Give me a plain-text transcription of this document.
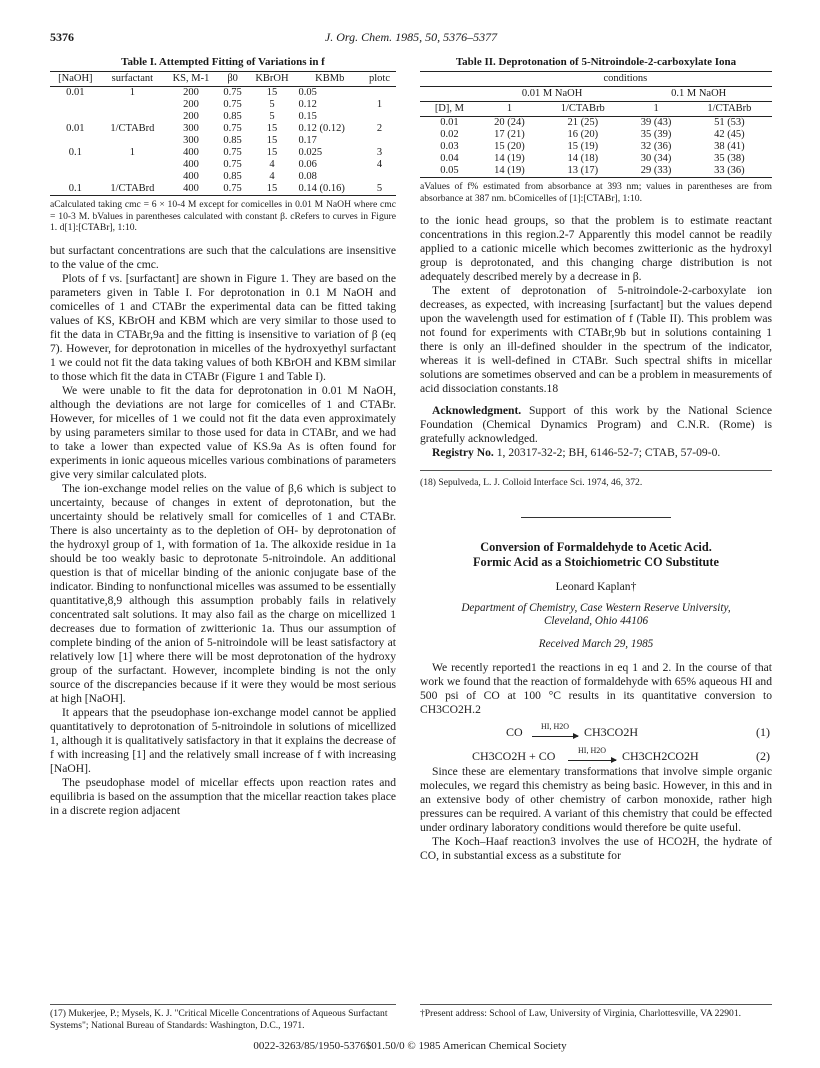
5376	J. Org. Chem. 1985, 50, 5376–5377
Table I. Attempted Fitting of Variations in f
[NaOH]	surfactant	KS, M-1	β0	KBrOH	KBMb	plotc
0.01	1	200	0.75	15	0.05	
		200	0.75	5	0.12	1
		200	0.85	5	0.15	
0.01	1/CTABrd	300	0.75	15	0.12 (0.12)	2
		300	0.85	15	0.17	
0.1	1	400	0.75	15	0.025	3
		400	0.75	4	0.06	4
		400	0.85	4	0.08	
0.1	1/CTABrd	400	0.75	15	0.14 (0.16)	5

aCalculated taking cmc = 6 × 10-4 M except for comicelles in 0.01 M NaOH where cmc = 10-3 M. bValues in parentheses calculated with constant β. cRefers to curves in Figure 1. d[1]:[CTABr], 1:10.

but surfactant concentrations are such that the calculations are insensitive to the value of the cmc.

Plots of f vs. [surfactant] are shown in Figure 1. They are based on the parameters given in Table I. For deprotonation in 0.1 M NaOH and comicelles of 1 and CTABr the experimental data can be fitted taking values of KS, KBrOH and KBM which are very similar to those used to fit the data in CTABr,9a and the fitting is insensitive to variation of β (eq 7). However, for deprotonation in micelles of the hydroxyethyl surfactant 1 we could not fit the data taking values of both KBrOH and KBM similar to those which fit the data in CTABr (Figure 1 and Table I).

We were unable to fit the data for deprotonation in 0.01 M NaOH, although the deviations are not large for comicelles of 1 and CTABr. However, for micelles of 1 we could not fit the data even approximately by using parameters similar to those used for data in CTABr, and we had to take a lower than expected value of KS.9a As is often found for experiments in ionic aqueous micelles various combinations of parameters give very similar calculated plots.

The ion-exchange model relies on the value of β,6 which is subject to uncertainty, because of changes in extent of deprotonation, but the uncertainty should be relatively small for comicelles of 1 and CTABr. There is also uncertainty as to the depletion of OH- by deprotonation of the hydroxyl group of 1, with formation of 1a. The alkoxide residue in 1a should be too weakly basic to deprotonate 5-nitroindole. An additional question is that of micellar binding of the anionic conjugate base of the indicator. Binding to nonfunctional micelles was assumed to be essentially quantitative,8,9 although this assumption probably fails in relatively concentrated salt solutions. It may also fail as the charge on micellized 1 decreases due to formation of zwitterionic 1a. Thus our assumption of complete binding of the anion of 5-nitroindole will be least satisfactory at relatively low [1] where there will be most deprotonation of the hydroxy group of the surfactant. However, incomplete binding is not the only source of the discrepancies because if it were they would be most serious at high [NaOH].

It appears that the pseudophase ion-exchange model cannot be applied quantitatively to deprotonation of 5-nitroindole in solutions of micellized 1, although it is qualitatively satisfactory in that it explains the decrease of f with increasing [1] and the relatively small increase of f with increasing [NaOH].

The pseudophase model of micellar effects upon reaction rates and equilibria is based on the assumption that the micellar reaction takes place in a discrete region adjacent

(17) Mukerjee, P.; Mysels, K. J. "Critical Micelle Concentrations of Aqueous Surfactant Systems"; National Bureau of Standards: Washington, D.C., 1971.

Table II. Deprotonation of 5-Nitroindole-2-carboxylate Iona
	conditions			
	0.01 M NaOH		0.1 M NaOH	
[D], M	1	1/CTABrb	1	1/CTABrb
0.01	20 (24)	21 (25)	39 (43)	51 (53)
0.02	17 (21)	16 (20)	35 (39)	42 (45)
0.03	15 (20)	15 (19)	32 (36)	38 (41)
0.04	14 (19)	14 (18)	30 (34)	35 (38)
0.05	14 (19)	13 (17)	29 (33)	33 (36)

aValues of f% estimated from absorbance at 393 nm; values in parentheses are from absorbance at 387 nm. bComicelles of [1]:[CTABr], 1:10.

to the ionic head groups, so that the problem is to estimate reactant concentrations in this region.2-7 Apparently this model cannot be readily applied to a cationic micelle which becomes zwitterionic as the hydroxyl group is deprotonated, and this changing charge distribution is not adequately described merely by a decrease in β.

The extent of deprotonation of 5-nitroindole-2-carboxylate ion decreases, as expected, with increasing [surfactant] but the values depend upon the wavelength used for estimation of f (Table II). This problem was not found for experiments with CTABr,9b but in solutions containing 1 there is only an ill-defined shoulder in the spectrum of the indicator, whereas it is well-defined in CTABr. Such spectral shifts in micellar solutions are sometimes observed and can be a problem in measurements of acid dissociation constants.18

Acknowledgment. Support of this work by the National Science Foundation (Chemical Dynamics Program) and C.N.R. (Rome) is gratefully acknowledged.

Registry No. 1, 20317-32-2; BH, 6146-52-7; CTAB, 57-09-0.

(18) Sepulveda, L. J. Colloid Interface Sci. 1974, 46, 372.

Conversion of Formaldehyde to Acetic Acid.
Formic Acid as a Stoichiometric CO Substitute
Leonard Kaplan†
Department of Chemistry, Case Western Reserve University,
Cleveland, Ohio 44106
Received March 29, 1985

We recently reported1 the reactions in eq 1 and 2. In the course of that work we found that the reaction of formaldehyde with 65% aqueous HI and 500 psi of CO at 100 °C results in its quantitative conversion to CH3CO2H.2

CO	HI, H2O	CH3CO2H	(1)
CH3CO2H + CO	HI, H2O	CH3CH2CO2H	(2)

Since these are elementary transformations that involve simple organic molecules, we regard this chemistry as being basic. However, in this and in an extensive body of other chemistry of carbon monoxide, rather high pressures can be required. A variant of this chemistry that could be effected under ordinary laboratory conditions would therefore be quite useful.

The Koch–Haaf reaction3 involves the use of HCO2H, the hydrate of CO, in substantial excess as a substitute for

†Present address: School of Law, University of Virginia, Charlottesville, VA 22901.

0022-3263/85/1950-5376$01.50/0 © 1985 American Chemical Society
